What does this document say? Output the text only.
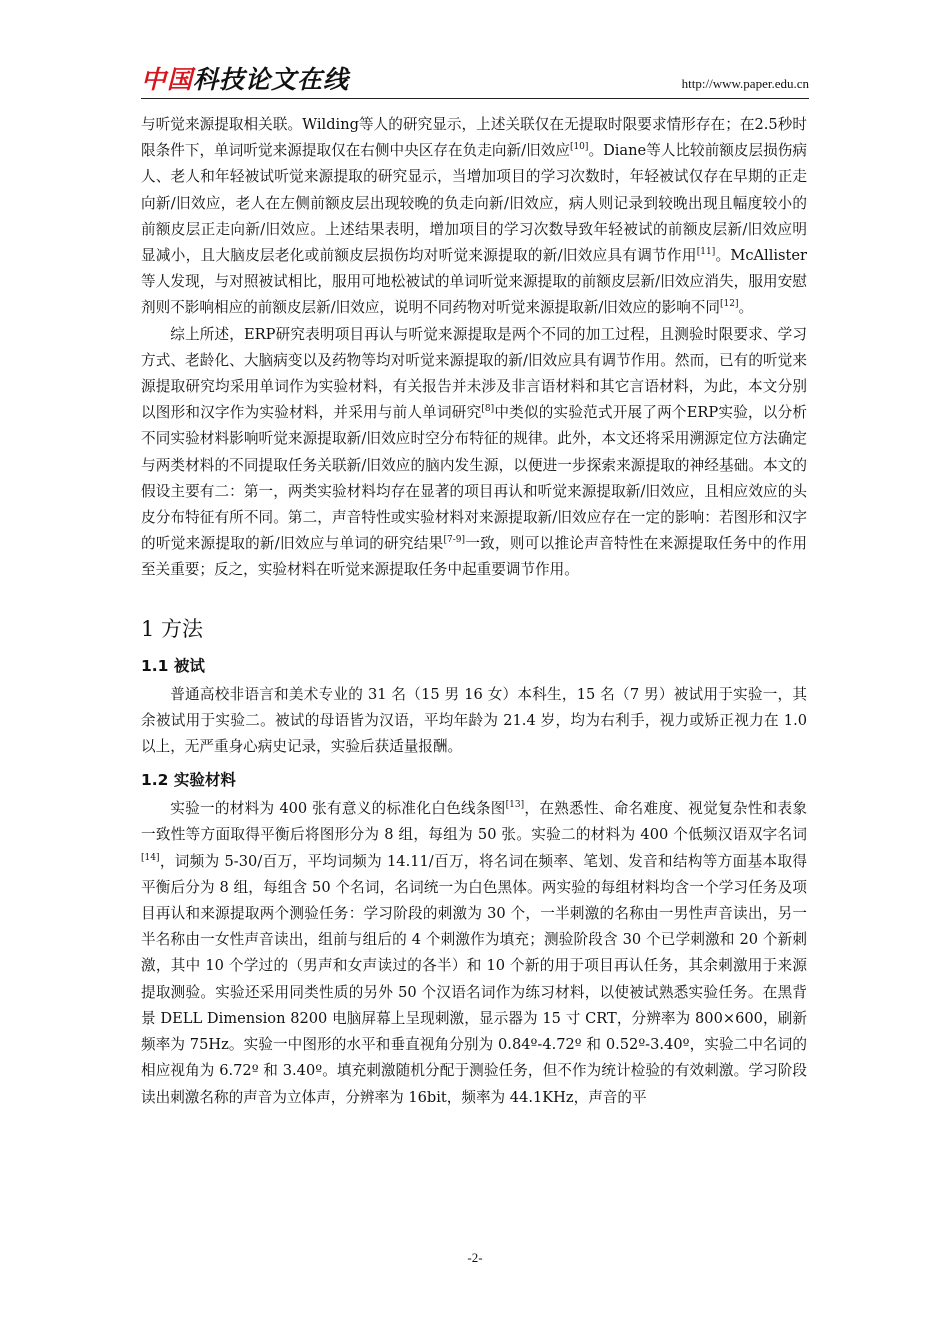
中国科技论文在线	http://www.paper.edu.cn

与听觉来源提取相关联。Wilding等人的研究显示，上述关联仅在无提取时限要求情形存在；在2.5秒时限条件下，单词听觉来源提取仅在右侧中央区存在负走向新/旧效应[10]。Diane等人比较前额皮层损伤病人、老人和年轻被试听觉来源提取的研究显示，当增加项目的学习次数时，年轻被试仅存在早期的正走向新/旧效应，老人在左侧前额皮层出现较晚的负走向新/旧效应，病人则记录到较晚出现且幅度较小的前额皮层正走向新/旧效应。上述结果表明，增加项目的学习次数导致年轻被试的前额皮层新/旧效应明显减小，且大脑皮层老化或前额皮层损伤均对听觉来源提取的新/旧效应具有调节作用[11]。McAllister等人发现，与对照被试相比，服用可地松被试的单词听觉来源提取的前额皮层新/旧效应消失，服用安慰剂则不影响相应的前额皮层新/旧效应，说明不同药物对听觉来源提取新/旧效应的影响不同[12]。

综上所述，ERP研究表明项目再认与听觉来源提取是两个不同的加工过程，且测验时限要求、学习方式、老龄化、大脑病变以及药物等均对听觉来源提取的新/旧效应具有调节作用。然而，已有的听觉来源提取研究均采用单词作为实验材料，有关报告并未涉及非言语材料和其它言语材料，为此，本文分别以图形和汉字作为实验材料，并采用与前人单词研究[8]中类似的实验范式开展了两个ERP实验，以分析不同实验材料影响听觉来源提取新/旧效应时空分布特征的规律。此外，本文还将采用溯源定位方法确定与两类材料的不同提取任务关联新/旧效应的脑内发生源，以便进一步探索来源提取的神经基础。本文的假设主要有二：第一，两类实验材料均存在显著的项目再认和听觉来源提取新/旧效应，且相应效应的头皮分布特征有所不同。第二，声音特性或实验材料对来源提取新/旧效应存在一定的影响：若图形和汉字的听觉来源提取的新/旧效应与单词的研究结果[7-9]一致，则可以推论声音特性在来源提取任务中的作用至关重要；反之，实验材料在听觉来源提取任务中起重要调节作用。

1 方法
1.1 被试

普通高校非语言和美术专业的 31 名（15 男 16 女）本科生，15 名（7 男）被试用于实验一，其余被试用于实验二。被试的母语皆为汉语，平均年龄为 21.4 岁，均为右利手，视力或矫正视力在 1.0 以上，无严重身心病史记录，实验后获适量报酬。

1.2 实验材料

实验一的材料为 400 张有意义的标准化白色线条图[13]，在熟悉性、命名难度、视觉复杂性和表象一致性等方面取得平衡后将图形分为 8 组，每组为 50 张。实验二的材料为 400 个低频汉语双字名词[14]，词频为 5-30/百万，平均词频为 14.11/百万，将名词在频率、笔划、发音和结构等方面基本取得平衡后分为 8 组，每组含 50 个名词，名词统一为白色黑体。两实验的每组材料均含一个学习任务及项目再认和来源提取两个测验任务：学习阶段的刺激为 30 个，一半刺激的名称由一男性声音读出，另一半名称由一女性声音读出，组前与组后的 4 个刺激作为填充；测验阶段含 30 个已学刺激和 20 个新刺激，其中 10 个学过的（男声和女声读过的各半）和 10 个新的用于项目再认任务，其余刺激用于来源提取测验。实验还采用同类性质的另外 50 个汉语名词作为练习材料，以使被试熟悉实验任务。在黑背景 DELL Dimension 8200 电脑屏幕上呈现刺激，显示器为 15 寸 CRT，分辨率为 800×600，刷新频率为 75Hz。实验一中图形的水平和垂直视角分别为 0.84º-4.72º 和 0.52º-3.40º，实验二中名词的相应视角为 6.72º 和 3.40º。填充刺激随机分配于测验任务，但不作为统计检验的有效刺激。学习阶段读出刺激名称的声音为立体声，分辨率为 16bit，频率为 44.1KHz，声音的平

-2-
